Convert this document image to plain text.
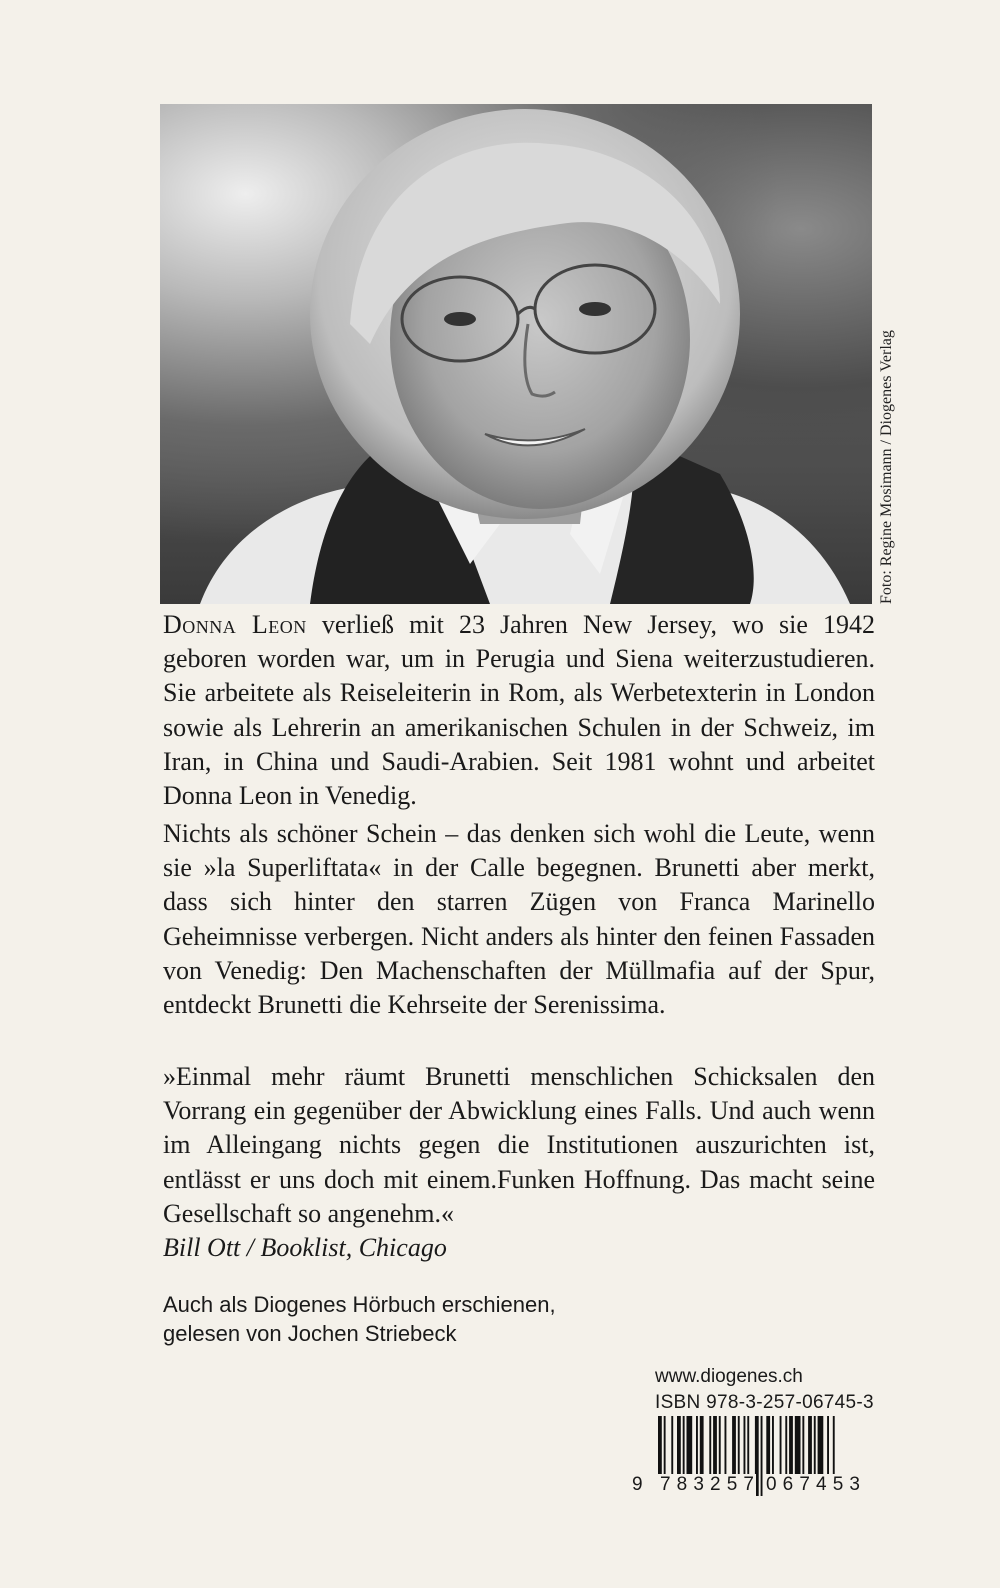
Foto: Regine Mosimann / Diogenes Verlag

Donna Leon verließ mit 23 Jahren New Jersey, wo sie 1942 geboren worden war, um in Perugia und Siena weiterzustudieren. Sie arbeitete als Reiseleiterin in Rom, als Werbetexterin in London sowie als Lehrerin an amerikanischen Schulen in der Schweiz, im Iran, in China und Saudi-Arabien. Seit 1981 wohnt und arbeitet Donna Leon in Venedig.

Nichts als schöner Schein – das denken sich wohl die Leute, wenn sie »la Superliftata« in der Calle begegnen. Brunetti aber merkt, dass sich hinter den starren Zügen von Franca Marinello Geheimnisse verbergen. Nicht anders als hinter den feinen Fassaden von Venedig: Den Machenschaften der Müllmafia auf der Spur, entdeckt Brunetti die Kehrseite der Serenissima.

»Einmal mehr räumt Brunetti menschlichen Schicksalen den Vorrang ein gegenüber der Abwicklung eines Falls. Und auch wenn im Alleingang nichts gegen die Institutionen auszurichten ist, entlässt er uns doch mit einem.Funken Hoffnung. Das macht seine Gesellschaft so angenehm.«
Bill Ott / Booklist, Chicago

Auch als Diogenes Hörbuch erschienen,
gelesen von Jochen Striebeck
www.diogenes.ch
ISBN 978-3-257-06745-3
9 7 8 3 2 5 7 0 6 7 4 5 3
